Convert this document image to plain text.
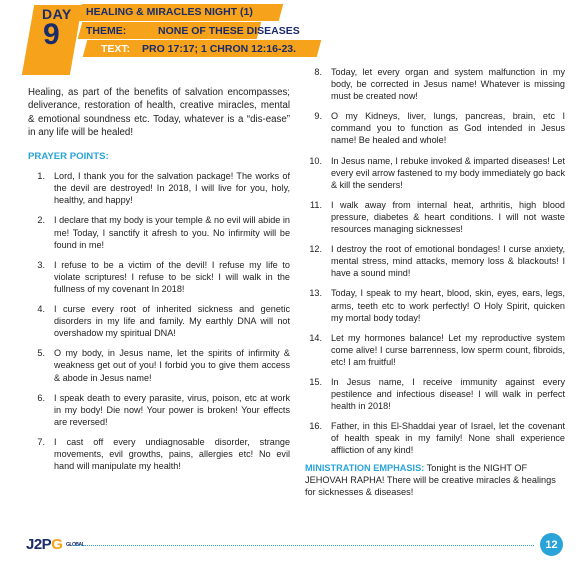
DAY
9
HEALING & MIRACLES NIGHT (1)
THEME:	NONE OF THESE DISEASES
TEXT: PRO 17:17; 1 CHRON 12:16-23.

Healing, as part of the benefits of salvation encompasses; deliverance, restoration of health, creative miracles, mental & emotional soundness etc. Today, whatever is a “dis-ease” in any life will be healed!

PRAYER POINTS:
1. Lord, I thank you for the salvation package! The works of the devil are destroyed! In 2018, I will live for you, holy, healthy, and happy!
2. I declare that my body is your temple & no evil will abide in me! Today, I sanctify it afresh to you. No infirmity will be found in me!
3. I refuse to be a victim of the devil! I refuse my life to violate scriptures! I refuse to be sick! I will walk in the fullness of my covenant In 2018!
4. I curse every root of inherited sickness and genetic disorders in my life and family. My earthly DNA will not overshadow my spiritual DNA!
5. O my body, in Jesus name, let the spirits of infirmity & weakness get out of you! I forbid you to give them access & abode in Jesus name!
6. I speak death to every parasite, virus, poison, etc at work in my body! Die now! Your power is broken! Your effects are reversed!
7. I cast off every undiagnosable disorder, strange movements, evil growths, pains, allergies etc! No evil hand will manipulate my health!
8. Today, let every organ and system malfunction in my body, be corrected in Jesus name! Whatever is missing must be created now!
9. O my Kidneys, liver, lungs, pancreas, brain, etc I command you to function as God intended in Jesus name! Be healed and whole!
10. In Jesus name, I rebuke invoked & imparted diseases! Let every evil arrow fastened to my body immediately go back & kill the senders!
11. I walk away from internal heat, arthritis, high blood pressure, diabetes & heart conditions. I will not waste resources managing sicknesses!
12. I destroy the root of emotional bondages! I curse anxiety, mental stress, mind attacks, memory loss & blackouts! I have a sound mind!
13. Today, I speak to my heart, blood, skin, eyes, ears, legs, arms, teeth etc to work perfectly! O Holy Spirit, quicken my mortal body today!
14. Let my hormones balance! Let my reproductive system come alive! I curse barrenness, low sperm count, fibroids, etc! I am fruitful!
15. In Jesus name, I receive immunity against every pestilence and infectious disease! I will walk in perfect health in 2018!
16. Father, in this El-Shaddai year of Israel, let the covenant of health speak in my family! None shall experience affliction of any kind!
MINISTRATION EMPHASIS: Tonight is the NIGHT OF JEHOVAH RAPHA! There will be creative miracles & healings for sicknesses & diseases!
J2PG GLOBAL	12
